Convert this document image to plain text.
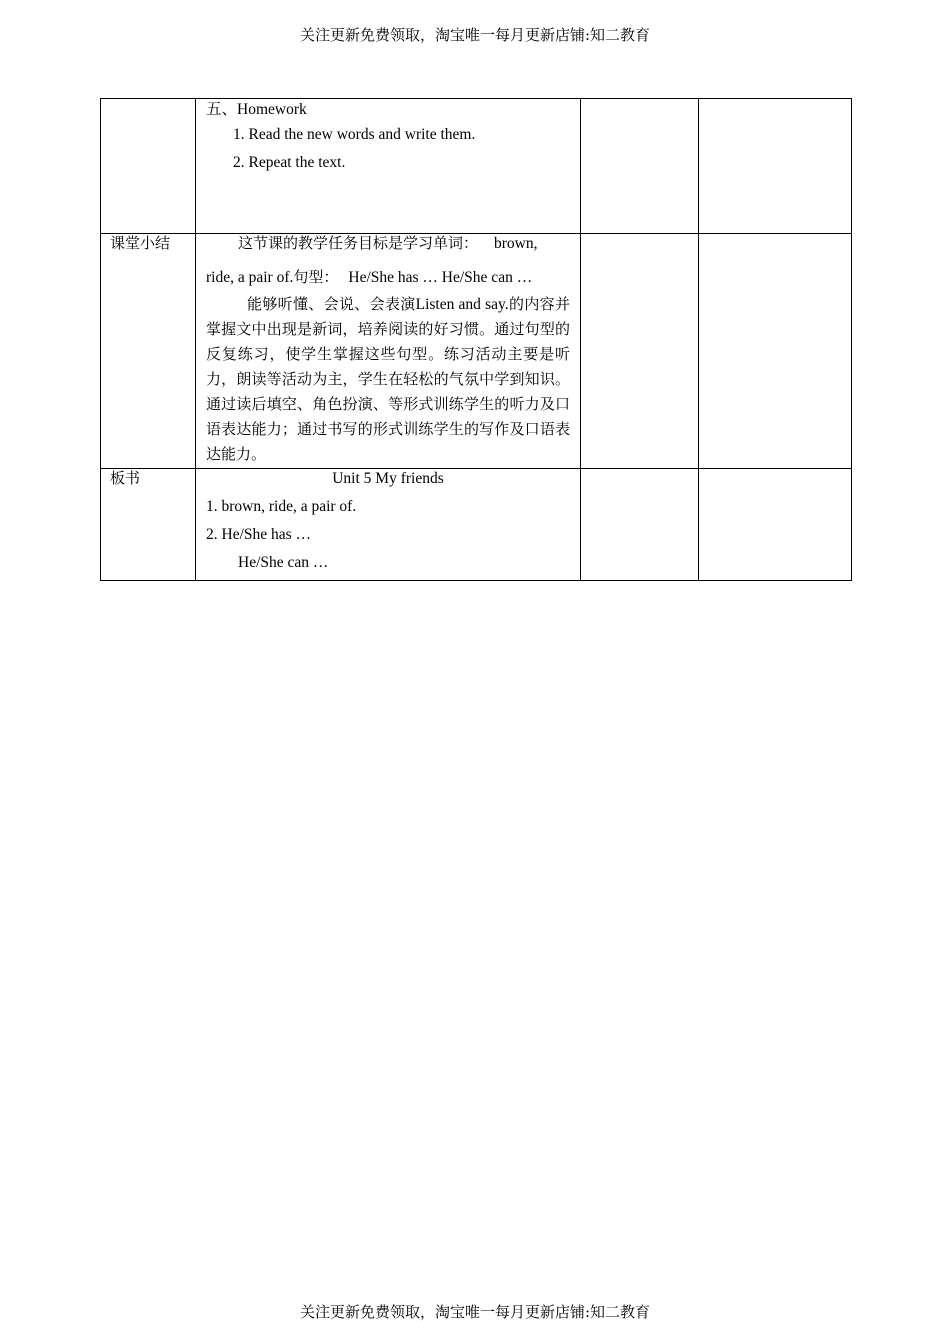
关注更新免费领取，淘宝唯一每月更新店铺:知二教育

	五、Homework
1. Read the new words and write them.
2. Repeat the text.		

课堂小结	这节课的教学任务目标是学习单词： brown,
ride, a pair of.句型： He/She has … He/She can …
能够听懂、会说、会表演Listen and say.的内容并掌握文中出现是新词，培养阅读的好习惯。通过句型的反复练习，使学生掌握这些句型。练习活动主要是听力，朗读等活动为主，学生在轻松的气氛中学到知识。通过读后填空、角色扮演、等形式训练学生的听力及口语表达能力；通过书写的形式训练学生的写作及口语表达能力。		

板书	Unit 5 My friends
1. brown, ride, a pair of.
2. He/She has …
He/She can …		

关注更新免费领取，淘宝唯一每月更新店铺:知二教育
